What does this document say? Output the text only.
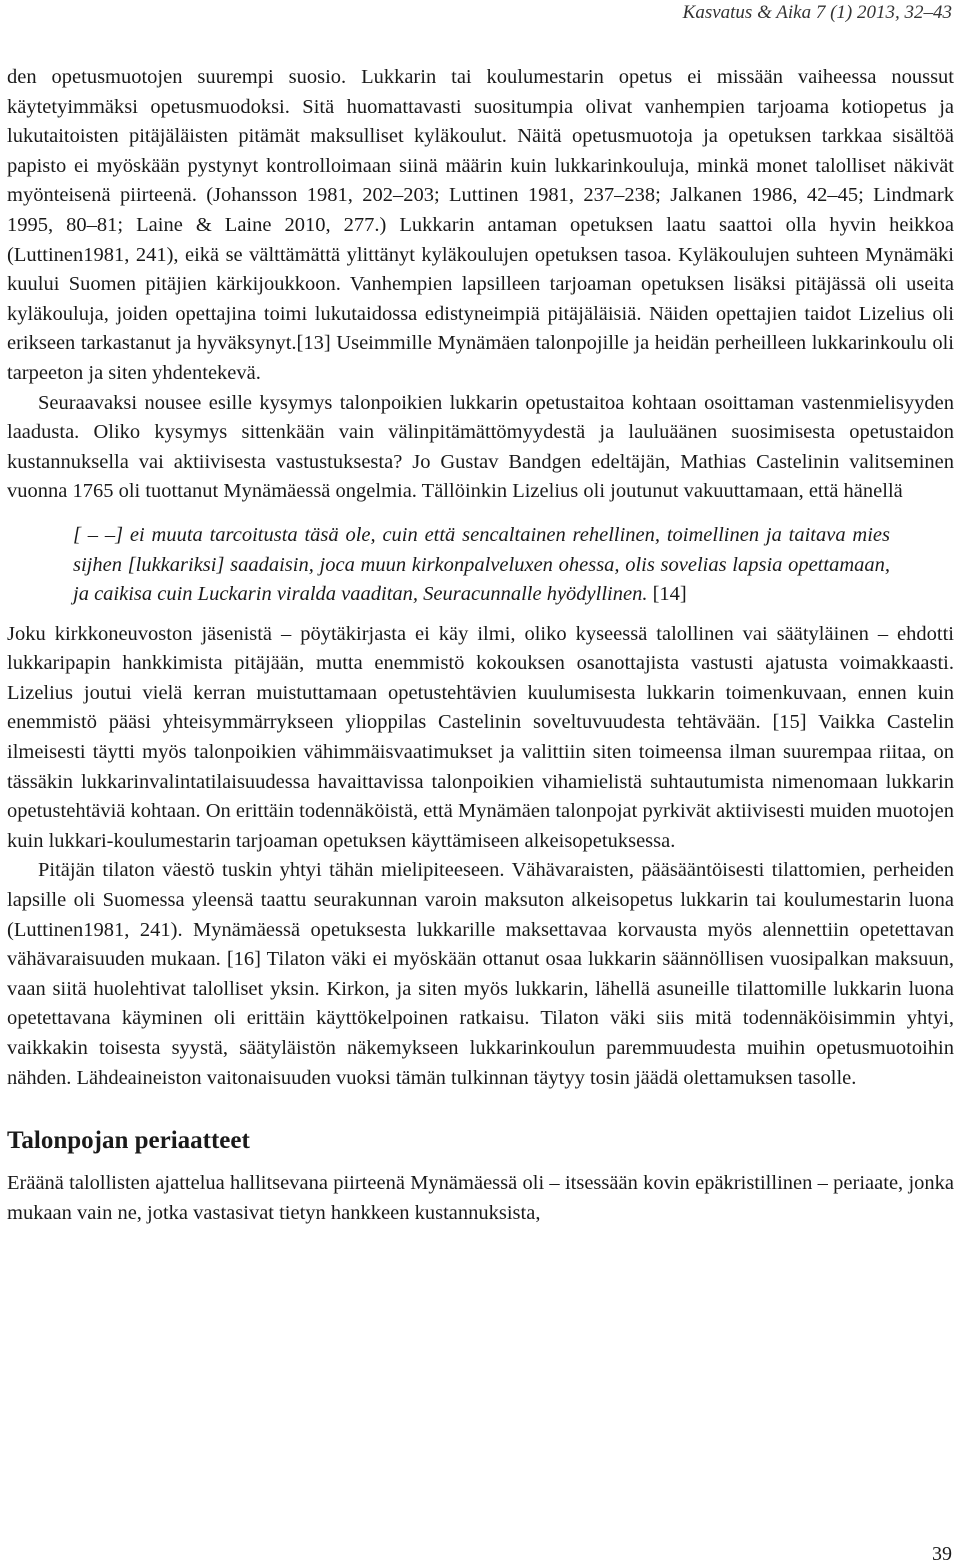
Kasvatus & Aika 7 (1) 2013, 32–43

den opetusmuotojen suurempi suosio. Lukkarin tai koulumestarin opetus ei missään vaiheessa noussut käytetyimmäksi opetusmuodoksi. Sitä huomattavasti suositumpia olivat vanhempien tarjoama kotiopetus ja lukutaitoisten pitäjäläisten pitämät maksulliset kyläkoulut. Näitä opetusmuotoja ja opetuksen tarkkaa sisältöä papisto ei myöskään pystynyt kontrolloimaan siinä määrin kuin lukkarinkouluja, minkä monet talolliset näkivät myönteisenä piirteenä. (Johansson 1981, 202–203; Luttinen 1981, 237–238; Jalkanen 1986, 42–45; Lindmark 1995, 80–81; Laine & Laine 2010, 277.) Lukkarin antaman opetuksen laatu saattoi olla hyvin heikkoa (Luttinen1981, 241), eikä se välttämättä ylittänyt kyläkoulujen opetuksen tasoa. Kyläkoulujen suhteen Mynämäki kuului Suomen pitäjien kärkijoukkoon. Vanhempien lapsilleen tarjoaman opetuksen lisäksi pitäjässä oli useita kyläkouluja, joiden opettajina toimi lukutaidossa edistyneimpiä pitäjäläisiä. Näiden opettajien taidot Lizelius oli erikseen tarkastanut ja hyväksynyt.[13] Useimmille Mynämäen talonpojille ja heidän perheilleen lukkarinkoulu oli tarpeeton ja siten yhdentekevä.

Seuraavaksi nousee esille kysymys talonpoikien lukkarin opetustaitoa kohtaan osoittaman vastenmielisyyden laadusta. Oliko kysymys sittenkään vain välinpitämättömyydestä ja lauluäänen suosimisesta opetustaidon kustannuksella vai aktiivisesta vastustuksesta? Jo Gustav Bandgen edeltäjän, Mathias Castelinin valitseminen vuonna 1765 oli tuottanut Mynämäessä ongelmia. Tällöinkin Lizelius oli joutunut vakuuttamaan, että hänellä

[ – –] ei muuta tarcoitusta täsä ole, cuin että sencaltainen rehellinen, toimellinen ja taitava mies sijhen [lukkariksi] saadaisin, joca muun kirkonpalveluxen ohessa, olis sovelias lapsia opettamaan, ja caikisa cuin Luckarin viralda vaaditan, Seuracunnalle hyödyllinen. [14]

Joku kirkkoneuvoston jäsenistä – pöytäkirjasta ei käy ilmi, oliko kyseessä talollinen vai säätyläinen – ehdotti lukkaripapin hankkimista pitäjään, mutta enemmistö kokouksen osanottajista vastusti ajatusta voimakkaasti. Lizelius joutui vielä kerran muistuttamaan opetustehtävien kuulumisesta lukkarin toimenkuvaan, ennen kuin enemmistö pääsi yhteisymmärrykseen ylioppilas Castelinin soveltuvuudesta tehtävään. [15] Vaikka Castelin ilmeisesti täytti myös talonpoikien vähimmäisvaatimukset ja valittiin siten toimeensa ilman suurempaa riitaa, on tässäkin lukkarinvalintatilaisuudessa havaittavissa talonpoikien vihamielistä suhtautumista nimenomaan lukkarin opetustehtäviä kohtaan. On erittäin todennäköistä, että Mynämäen talonpojat pyrkivät aktiivisesti muiden muotojen kuin lukkari-koulumestarin tarjoaman opetuksen käyttämiseen alkeisopetuksessa.

Pitäjän tilaton väestö tuskin yhtyi tähän mielipiteeseen. Vähävaraisten, pääsääntöisesti tilattomien, perheiden lapsille oli Suomessa yleensä taattu seurakunnan varoin maksuton alkeisopetus lukkarin tai koulumestarin luona (Luttinen1981, 241). Mynämäessä opetuksesta lukkarille maksettavaa korvausta myös alennettiin opetettavan vähävaraisuuden mukaan. [16] Tilaton väki ei myöskään ottanut osaa lukkarin säännöllisen vuosipalkan maksuun, vaan siitä huolehtivat talolliset yksin. Kirkon, ja siten myös lukkarin, lähellä asuneille tilattomille lukkarin luona opetettavana käyminen oli erittäin käyttökelpoinen ratkaisu. Tilaton väki siis mitä todennäköisimmin yhtyi, vaikkakin toisesta syystä, säätyläistön näkemykseen lukkarinkoulun paremmuudesta muihin opetusmuotoihin nähden. Lähdeaineiston vaitonaisuuden vuoksi tämän tulkinnan täytyy tosin jäädä olettamuksen tasolle.

Talonpojan periaatteet

Eräänä talollisten ajattelua hallitsevana piirteenä Mynämäessä oli – itsessään kovin epäkristillinen – periaate, jonka mukaan vain ne, jotka vastasivat tietyn hankkeen kustannuksista,

39
